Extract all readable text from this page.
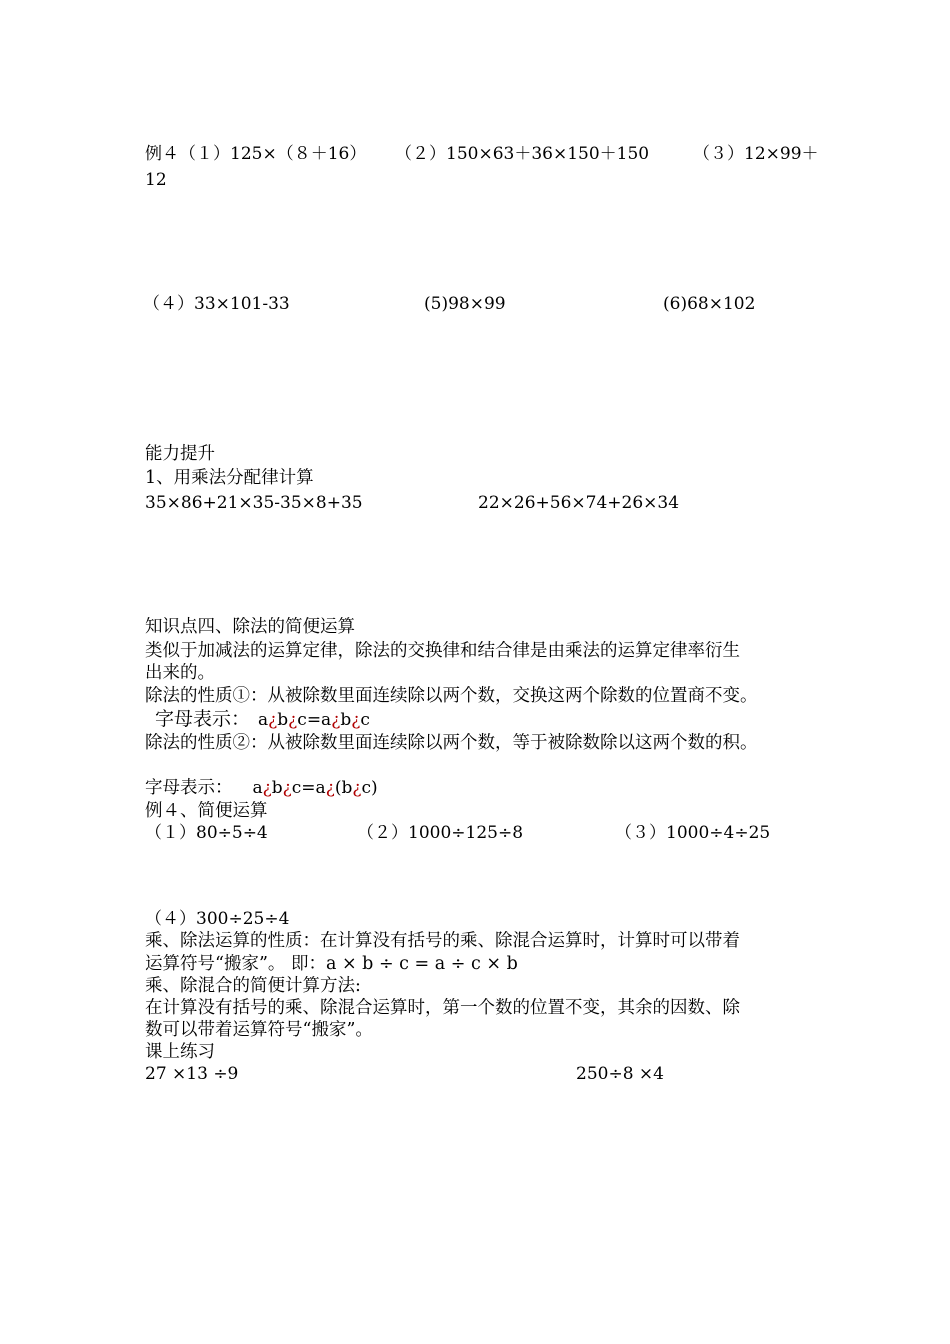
例４（１）125×（８＋16） （２）150×63＋36×150＋150	（３）12×99＋
12
（４）33×101-33	(5)98×99	(6)68×102
能力提升
1、用乘法分配律计算
35×86+21×35-35×8+35	22×26+56×74+26×34
知识点四、除法的简便运算
类似于加减法的运算定律，除法的交换律和结合律是由乘法的运算定律率衍生
出来的。
除法的性质①：从被除数里面连续除以两个数，交换这两个除数的位置商不变。
字母表示： a¿b¿c=a¿b¿c
除法的性质②：从被除数里面连续除以两个数，等于被除数除以这两个数的积。
字母表示： a¿b¿c=a¿(b¿c)
例４、简便运算
（１）80÷5÷4	（２）1000÷125÷8	（３）1000÷4÷25
（４）300÷25÷4
乘、除法运算的性质：在计算没有括号的乘、除混合运算时，计算时可以带着
运算符号“搬家”。 即：a × b ÷ c = a ÷ c × b
乘、除混合的简便计算方法:
在计算没有括号的乘、除混合运算时，第一个数的位置不变，其余的因数、除
数可以带着运算符号“搬家”。
课上练习
27 ×13 ÷9	250÷8 ×4
